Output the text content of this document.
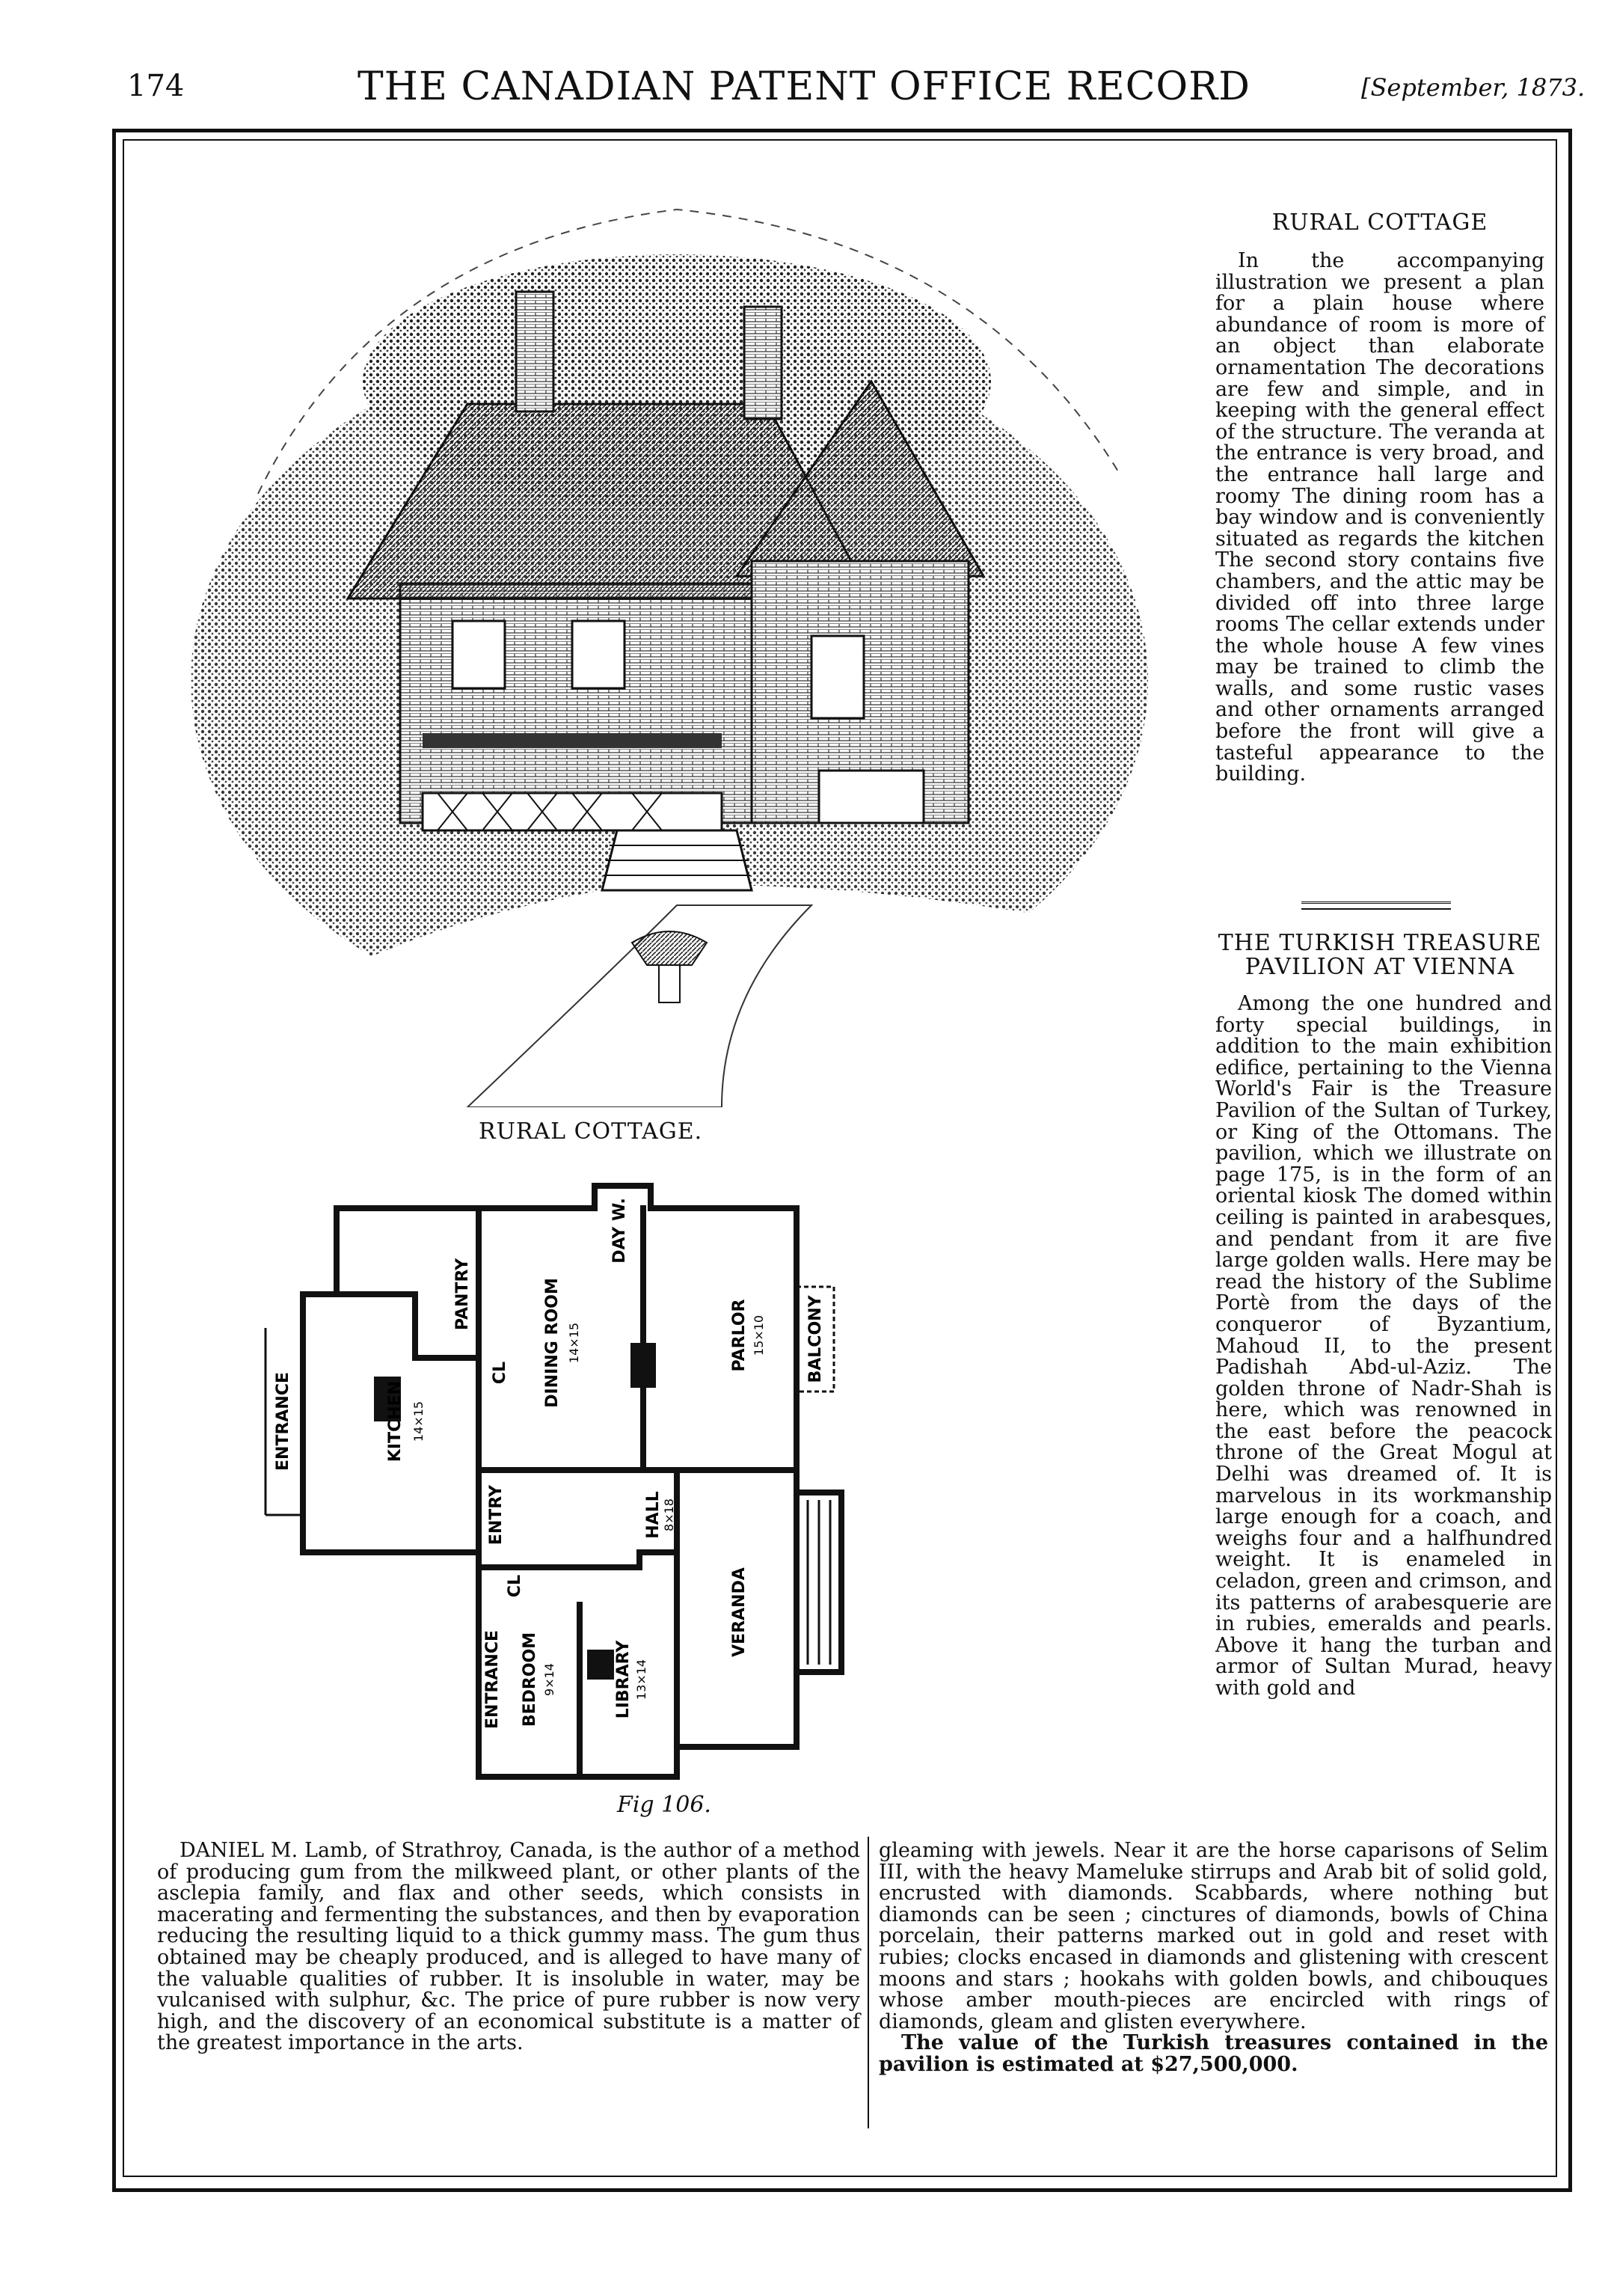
174	THE CANADIAN PATENT OFFICE RECORD	[September, 1873.
RURAL COTTAGE.
ENTRANCE	KITCHEN 14×15
PANTRY
CL
ENTRY
DAY W.
DINING ROOM 14×15	PARLOR 15×10 BALCONY
HALL 8×18
CL
ENTRANCE BEDROOM 9×14	LIBRARY 13×14
VERANDA
Fig 106.
RURAL COTTAGE
In the accompanying illustration we present a plan for a plain house where abundance of room is more of an object than elaborate ornamentation The decorations are few and simple, and in keeping with the general effect of the structure. The veranda at the entrance is very broad, and the entrance hall large and roomy The dining room has a bay window and is conveniently situated as regards the kitchen The second story contains five chambers, and the attic may be divided off into three large rooms The cellar extends under the whole house A few vines may be trained to climb the walls, and some rustic vases and other ornaments arranged before the front will give a tasteful appearance to the building.
THE TURKISH TREASURE PAVILION AT VIENNA
Among the one hundred and forty special buildings, in addition to the main exhibition edifice, pertaining to the Vienna World's Fair is the Treasure Pavilion of the Sultan of Turkey, or King of the Ottomans. The pavilion, which we illustrate on page 175, is in the form of an oriental kiosk The domed within ceiling is painted in arabesques, and pendant from it are five large golden walls. Here may be read the history of the Sublime Portè from the days of the conqueror of Byzantium, Mahoud II, to the present Padishah Abd-ul-Aziz. The golden throne of Nadr-Shah is here, which was renowned in the east before the peacock throne of the Great Mogul at Delhi was dreamed of. It is marvelous in its workmanship large enough for a coach, and weighs four and a halfhundred weight. It is enameled in celadon, green and crimson, and its patterns of arabesquerie are in rubies, emeralds and pearls. Above it hang the turban and armor of Sultan Murad, heavy with gold and
DANIEL M. Lamb, of Strathroy, Canada, is the author of a method of producing gum from the milkweed plant, or other plants of the asclepia family, and flax and other seeds, which consists in macerating and fermenting the substances, and then by evaporation reducing the resulting liquid to a thick gummy mass. The gum thus obtained may be cheaply produced, and is alleged to have many of the valuable qualities of rubber. It is insoluble in water, may be vulcanised with sulphur, &c. The price of pure rubber is now very high, and the discovery of an economical substitute is a matter of the greatest importance in the arts.
gleaming with jewels. Near it are the horse caparisons of Selim III, with the heavy Mameluke stirrups and Arab bit of solid gold, encrusted with diamonds. Scabbards, where nothing but diamonds can be seen ; cinctures of diamonds, bowls of China porcelain, their patterns marked out in gold and reset with rubies; clocks encased in diamonds and glistening with crescent moons and stars ; hookahs with golden bowls, and chibouques whose amber mouth-pieces are encircled with rings of diamonds, gleam and glisten everywhere.
The value of the Turkish treasures contained in the pavilion is estimated at $27,500,000.
